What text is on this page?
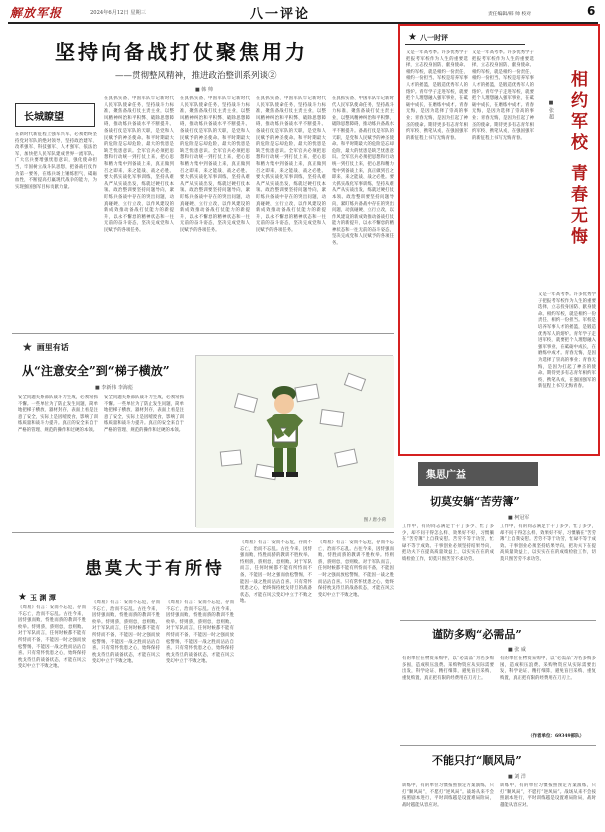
解放军报	2024年6月12日 星期三	八一评论	责任编辑/韩 帅 校对	6
坚持向备战打仗聚焦用力
——贯彻整风精神，推进政治整训系列谈②
■ 韩 帅
长城瞭望
在新时代新征程上强军兴军，必须始终坚持党对军队的绝对领导，坚持政治建军、改革强军、科技强军、人才强军、依法治军，加快把人民军队建成世界一流军队。广大官兵要增强忧患意识，强化使命担当，牢固树立战斗队思想，把备战打仗作为第一要务，在练兵场上锤炼胆气、砥砺血性，不断提高打赢现代战争的能力，为实现强国强军目标贡献力量。
在真抓实备、中国军队牢记新时代人民军队使命任务，坚持战斗力标准，聚焦备战打仗主责主业，以整风精神纠治和平积弊、破除思想障碍，推动练兵备战水平不断提升。备战打仗是军队的天职，是党和人民赋予的神圣使命。和平时期最大的危险是忘却危险，最大的忧患是缺乏忧患意识。全军官兵必须把思想和行动统一到打仗上来，把心思和精力集中到备战上来，真正做到召之即来、来之能战、战之必胜。要大抓实战化军事训练，坚持从难从严从实战出发，练就过硬打仗本领。政治整训要坚持问题导向，紧盯练兵备战中存在的突出问题，动真碰硬、立行立改，以作风建设的新成效推动备战打仗能力的新提升，以永不懈怠的精神状态和一往无前的奋斗姿态，坚决完成党和人民赋予的各项任务。
在真抓实备、中国军队牢记新时代人民军队使命任务，坚持战斗力标准，聚焦备战打仗主责主业，以整风精神纠治和平积弊、破除思想障碍，推动练兵备战水平不断提升。备战打仗是军队的天职，是党和人民赋予的神圣使命。和平时期最大的危险是忘却危险，最大的忧患是缺乏忧患意识。全军官兵必须把思想和行动统一到打仗上来，把心思和精力集中到备战上来，真正做到召之即来、来之能战、战之必胜。要大抓实战化军事训练，坚持从难从严从实战出发，练就过硬打仗本领。政治整训要坚持问题导向，紧盯练兵备战中存在的突出问题，动真碰硬、立行立改，以作风建设的新成效推动备战打仗能力的新提升，以永不懈怠的精神状态和一往无前的奋斗姿态，坚决完成党和人民赋予的各项任务。
在真抓实备、中国军队牢记新时代人民军队使命任务，坚持战斗力标准，聚焦备战打仗主责主业，以整风精神纠治和平积弊、破除思想障碍，推动练兵备战水平不断提升。备战打仗是军队的天职，是党和人民赋予的神圣使命。和平时期最大的危险是忘却危险，最大的忧患是缺乏忧患意识。全军官兵必须把思想和行动统一到打仗上来，把心思和精力集中到备战上来，真正做到召之即来、来之能战、战之必胜。要大抓实战化军事训练，坚持从难从严从实战出发，练就过硬打仗本领。政治整训要坚持问题导向，紧盯练兵备战中存在的突出问题，动真碰硬、立行立改，以作风建设的新成效推动备战打仗能力的新提升，以永不懈怠的精神状态和一往无前的奋斗姿态，坚决完成党和人民赋予的各项任务。
在真抓实备、中国军队牢记新时代人民军队使命任务，坚持战斗力标准，聚焦备战打仗主责主业，以整风精神纠治和平积弊、破除思想障碍，推动练兵备战水平不断提升。备战打仗是军队的天职，是党和人民赋予的神圣使命。和平时期最大的危险是忘却危险，最大的忧患是缺乏忧患意识。全军官兵必须把思想和行动统一到打仗上来，把心思和精力集中到备战上来，真正做到召之即来、来之能战、战之必胜。要大抓实战化军事训练，坚持从难从严从实战出发，练就过硬打仗本领。政治整训要坚持问题导向，紧盯练兵备战中存在的突出问题，动真碰硬、立行立改，以作风建设的新成效推动备战打仗能力的新提升，以永不懈怠的精神状态和一往无前的奋斗姿态，坚决完成党和人民赋予的各项任务。
★ 画里有话
从“注意安全”到“梯子横放”
■ 李新伟 李海彪
安全问题关系部队战斗力生成，必须常抓不懈。一些单位为了防止发生问题，简单地把梯子横放、器材封存，表面上看是注意了安全，实际上是因噎废食，影响了训练质量和战斗力提升。真正的安全来自于严格的管理、规范的操作和过硬的本领。
安全问题关系部队战斗力生成，必须常抓不懈。一些单位为了防止发生问题，简单地把梯子横放、器材封存，表面上看是注意了安全，实际上是因噎废食，影响了训练质量和战斗力提升。真正的安全来自于严格的管理、规范的操作和过硬的本领。
图 / 唐小荷
患莫大于有所恃
★ 玉 渊 潭
《周易》有言：安而不忘危，存而不忘亡，治而不忘乱。古往今来，因恃强而败、恃胜而骄的教训不胜枚举。恃则骄，骄则怠，怠则败。对于军队而言，任何时候都不能有所恃而不备，不能因一时之强而放松警惕，不能因一战之胜而沾沾自喜。只有常怀忧患之心，始终保持枕戈待旦的战备状态，才能在风云变幻中立于不败之地。
《周易》有言：安而不忘危，存而不忘亡，治而不忘乱。古往今来，因恃强而败、恃胜而骄的教训不胜枚举。恃则骄，骄则怠，怠则败。对于军队而言，任何时候都不能有所恃而不备，不能因一时之强而放松警惕，不能因一战之胜而沾沾自喜。只有常怀忧患之心，始终保持枕戈待旦的战备状态，才能在风云变幻中立于不败之地。
《周易》有言：安而不忘危，存而不忘亡，治而不忘乱。古往今来，因恃强而败、恃胜而骄的教训不胜枚举。恃则骄，骄则怠，怠则败。对于军队而言，任何时候都不能有所恃而不备，不能因一时之强而放松警惕，不能因一战之胜而沾沾自喜。只有常怀忧患之心，始终保持枕戈待旦的战备状态，才能在风云变幻中立于不败之地。
《周易》有言：安而不忘危，存而不忘亡，治而不忘乱。古往今来，因恃强而败、恃胜而骄的教训不胜枚举。恃则骄，骄则怠，怠则败。对于军队而言，任何时候都不能有所恃而不备，不能因一时之强而放松警惕，不能因一战之胜而沾沾自喜。只有常怀忧患之心，始终保持枕戈待旦的战备状态，才能在风云变幻中立于不败之地。
《周易》有言：安而不忘危，存而不忘亡，治而不忘乱。古往今来，因恃强而败、恃胜而骄的教训不胜枚举。恃则骄，骄则怠，怠则败。对于军队而言，任何时候都不能有所恃而不备，不能因一时之强而放松警惕，不能因一战之胜而沾沾自喜。只有常怀忧患之心，始终保持枕戈待旦的战备状态，才能在风云变幻中立于不败之地。
★ 八一时评
相约军校 青春无悔
■ 张 超
又是一年高考季。许多优秀学子把报考军校作为人生的重要选择，立志投身国防、献身使命。相约军校，就是相约一份责任、相约一份担当。军校是培养军事人才的摇篮，是锻造优秀军人的熔炉。青年学子走进军校，就要把个人理想融入强军事业，在砥砺中成长，在磨练中成才。青春无悔，是因为选择了崇高的事业；青春无悔，是因为扛起了神圣的使命。期待更多有志青年相约军校、携笔从戎，在强国强军的新征程上书写无悔青春。
又是一年高考季。许多优秀学子把报考军校作为人生的重要选择，立志投身国防、献身使命。相约军校，就是相约一份责任、相约一份担当。军校是培养军事人才的摇篮，是锻造优秀军人的熔炉。青年学子走进军校，就要把个人理想融入强军事业，在砥砺中成长，在磨练中成才。青春无悔，是因为选择了崇高的事业；青春无悔，是因为扛起了神圣的使命。期待更多有志青年相约军校、携笔从戎，在强国强军的新征程上书写无悔青春。
又是一年高考季。许多优秀学子把报考军校作为人生的重要选择，立志投身国防、献身使命。相约军校，就是相约一份责任、相约一份担当。军校是培养军事人才的摇篮，是锻造优秀军人的熔炉。青年学子走进军校，就要把个人理想融入强军事业，在砥砺中成长，在磨练中成才。青春无悔，是因为选择了崇高的事业；青春无悔，是因为扛起了神圣的使命。期待更多有志青年相约军校、携笔从戎，在强国强军的新征程上书写无悔青春。
集思广益
切莫安躺“苦劳簿”
■ 柯冠军
工作中，有的同志满足于干了多少、忙了多少，却不问干得怎么样、效果好不好，习惯躺在“苦劳簿”上自我安慰。苦劳不等于功劳，忙碌不等于成效。干事创业必须坚持结果导向，把功夫下在提高质量效益上，以实实在在的成绩检验工作，切莫只图苦劳不求功劳。
工作中，有的同志满足于干了多少、忙了多少，却不问干得怎么样、效果好不好，习惯躺在“苦劳簿”上自我安慰。苦劳不等于功劳，忙碌不等于成效。干事创业必须坚持结果导向，把功夫下在提高质量效益上，以实实在在的成绩检验工作，切莫只图苦劳不求功劳。
谨防多购“必需品”
■ 张 威
有的单位在物资采购中，以“必需品”为名多购多囤，造成积压浪费。采购物资应从实际需要出发，科学论证、精打细算，避免盲目采购、重复购置，真正把有限的经费用在刀刃上。
有的单位在物资采购中，以“必需品”为名多购多囤，造成积压浪费。采购物资应从实际需要出发，科学论证、精打细算，避免盲目采购、重复购置，真正把有限的经费用在刀刃上。
（作者单位：69349部队）
不能只打“顺风局”
■ 刘 洋
训练中，有的单位习惯按照预定方案演练，只打“顺风局”，不愿打“逆风局”。战场从来不会按照剧本进行，平时训练越是设置难局险局，战时越能从容应对。
训练中，有的单位习惯按照预定方案演练，只打“顺风局”，不愿打“逆风局”。战场从来不会按照剧本进行，平时训练越是设置难局险局，战时越能从容应对。
